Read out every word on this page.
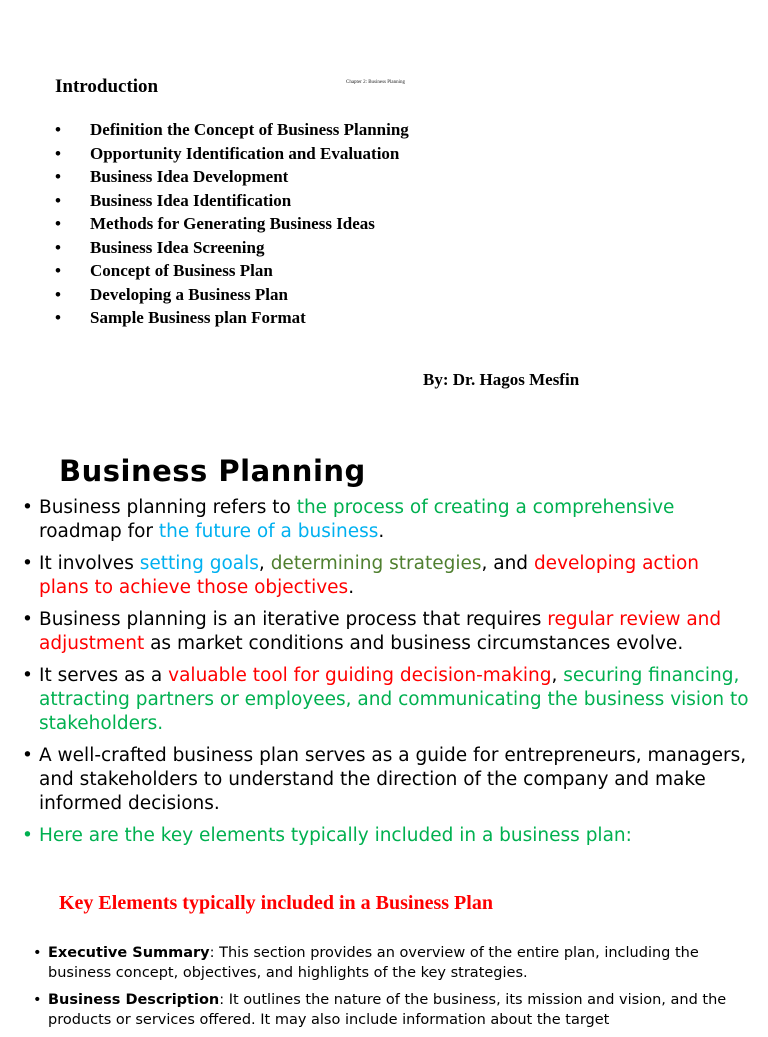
Introduction	Chapter 2: Business Planning
•	Definition the Concept of Business Planning
•	Opportunity Identification and Evaluation
•	Business Idea Development
•	Business Idea Identification
•	Methods for Generating Business Ideas
•	Business Idea Screening
•	Concept of Business Plan
•	Developing a Business Plan
•	Sample Business plan Format
By: Dr. Hagos Mesfin
Business Planning
• Business planning refers to the process of creating a comprehensive
roadmap for the future of a business.
• It involves setting goals, determining strategies, and developing action plans to achieve those objectives.
• Business planning is an iterative process that requires regular review and adjustment as market conditions and business circumstances evolve.
• It serves as a valuable tool for guiding decision-making, securing financing, attracting partners or employees, and communicating the business vision to stakeholders.
• A well-crafted business plan serves as a guide for entrepreneurs, managers, and stakeholders to understand the direction of the company and make informed decisions.
• Here are the key elements typically included in a business plan:
Key Elements typically included in a Business Plan
• Executive Summary: This section provides an overview of the entire plan, including the business concept, objectives, and highlights of the key strategies.
• Business Description: It outlines the nature of the business, its mission and vision, and the products or services offered. It may also include information about the target
